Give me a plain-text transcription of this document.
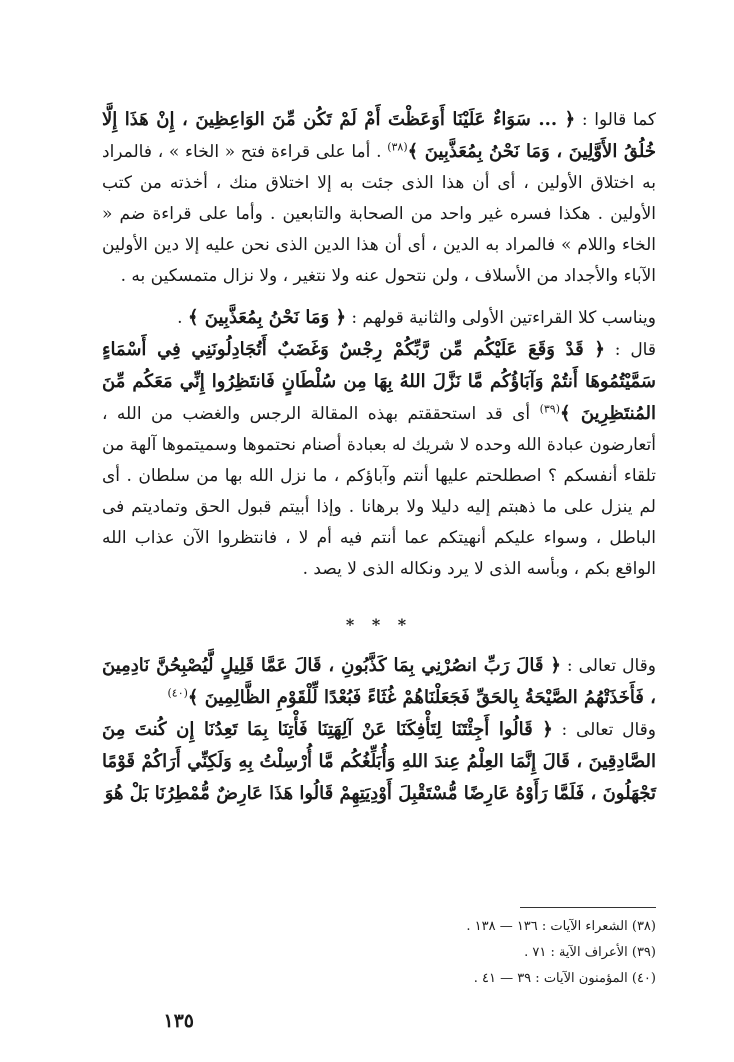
كما قالوا : ﴿ ... سَوَاءٌ عَلَيْنَا أَوَعَظْتَ أَمْ لَمْ تَكُن مِّنَ الوَاعِظِينَ ، إِنْ هَذَا إِلَّا خُلُقُ الأَوَّلِينَ ، وَمَا نَحْنُ بِمُعَذَّبِينَ ﴾$^{(٣٨)}$ . أما على قراءة فتح « الخاء » ، فالمراد به اختلاق الأولين ، أى أن هذا الذى جئت به إلا اختلاق منك ، أخذته من كتب الأولين . هكذا فسره غير واحد من الصحابة والتابعين . وأما على قراءة ضم « الخاء واللام » فالمراد به الدين ، أى أن هذا الدين الذى نحن عليه إلا دين الأولين الآباء والأجداد من الأسلاف ، ولن نتحول عنه ولا نتغير ، ولا نزال متمسكين به .

ويناسب كلا القراءتين الأولى والثانية قولهم : ﴿ وَمَا نَحْنُ بِمُعَذَّبِينَ ﴾ .

قال : ﴿ قَدْ وَقَعَ عَلَيْكُم مِّن رَّبِّكُمْ رِجْسٌ وَغَضَبٌ أَتُجَادِلُونَنِي فِي أَسْمَاءٍ سَمَّيْتُمُوهَا أَنتُمْ وَآبَاؤُكُم مَّا نَزَّلَ اللهُ بِهَا مِن سُلْطَانٍ فَانتَظِرُوا إِنِّي مَعَكُم مِّنَ المُنتَظِرِينَ ﴾$^{(٣٩)}$ أى قد استحققتم بهذه المقالة الرجس والغضب من الله ، أتعارضون عبادة الله وحده لا شريك له بعبادة أصنام نحتموها وسميتموها آلهة من تلقاء أنفسكم ؟ اصطلحتم عليها أنتم وآباؤكم ، ما نزل الله بها من سلطان . أى لم ينزل على ما ذهبتم إليه دليلا ولا برهانا . وإذا أبيتم قبول الحق وتماديتم فى الباطل ، وسواء عليكم أنهيتكم عما أنتم فيه أم لا ، فانتظروا الآن عذاب الله الواقع بكم ، وبأسه الذى لا يرد ونكاله الذى لا يصد .

* * *

وقال تعالى : ﴿ قَالَ رَبِّ انصُرْنِي بِمَا كَذَّبُونِ ، قَالَ عَمَّا قَلِيلٍ لَّيُصْبِحُنَّ نَادِمِينَ ، فَأَخَذَتْهُمُ الصَّيْحَةُ بِالحَقِّ فَجَعَلْنَاهُمْ غُثَاءً فَبُعْدًا لِّلْقَوْمِ الظَّالِمِينَ ﴾$^{(٤٠)}$

وقال تعالى : ﴿ قَالُوا أَجِئْتَنَا لِتَأْفِكَنَا عَنْ آلِهَتِنَا فَأْتِنَا بِمَا تَعِدُنَا إِن كُنتَ مِنَ الصَّادِقِينَ ، قَالَ إِنَّمَا العِلْمُ عِندَ اللهِ وَأُبَلِّغُكُم مَّا أُرْسِلْتُ بِهِ وَلَكِنِّي أَرَاكُمْ قَوْمًا تَجْهَلُونَ ، فَلَمَّا رَأَوْهُ عَارِضًا مُّسْتَقْبِلَ أَوْدِيَتِهِمْ قَالُوا هَذَا عَارِضٌ مُّمْطِرُنَا بَلْ هُوَ

(٣٨) الشعراء الآيات : ١٣٦ — ١٣٨ .

(٣٩) الأعراف الآية : ٧١ .

(٤٠) المؤمنون الآيات : ٣٩ — ٤١ .

١٣٥
